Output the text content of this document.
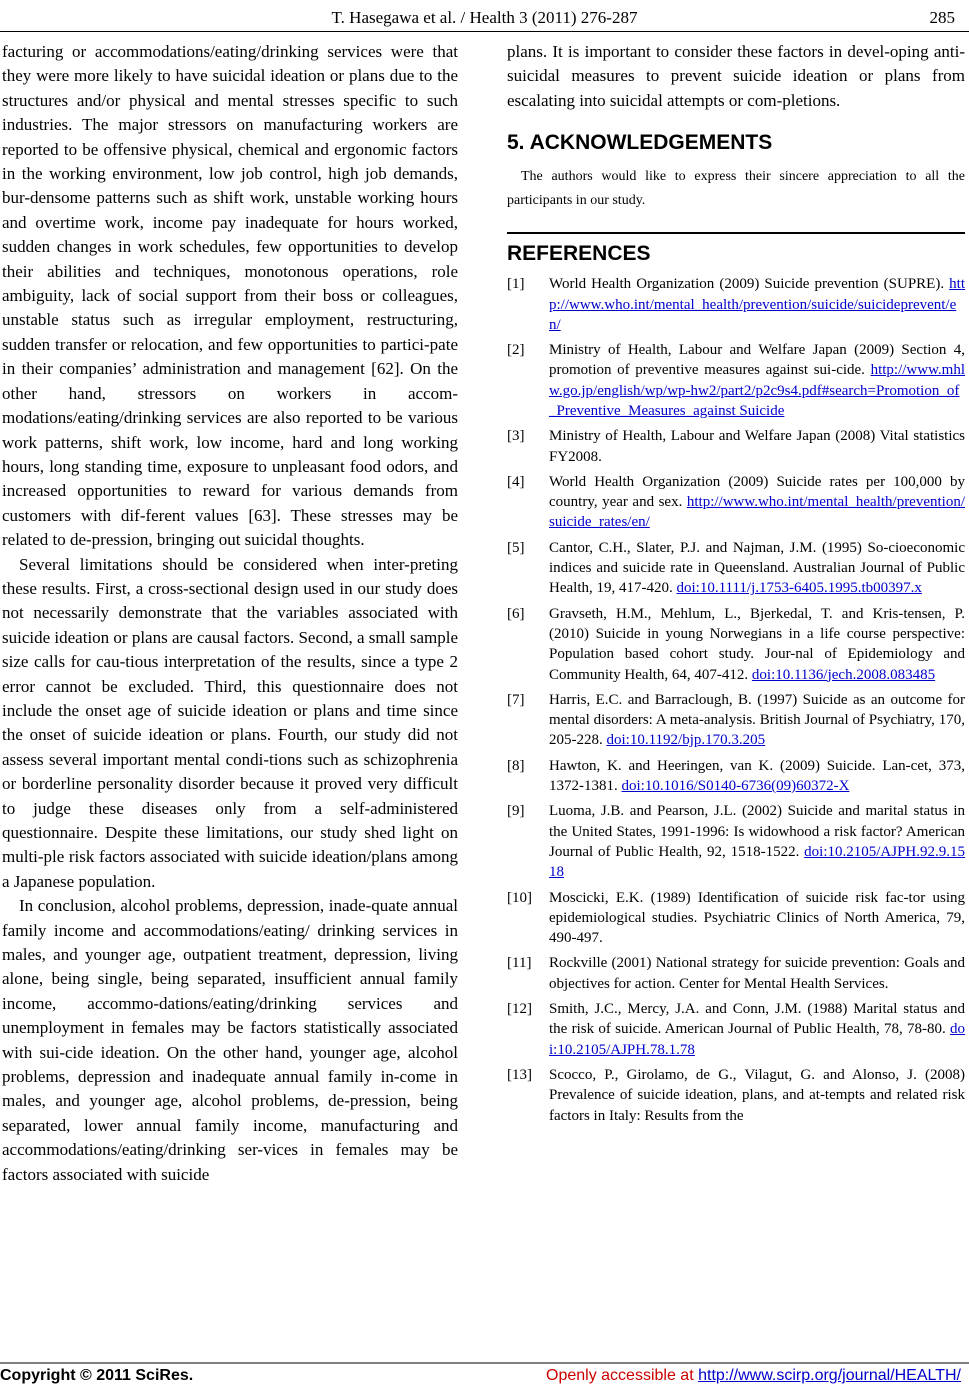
T. Hasegawa et al. / Health 3 (2011) 276-287	285

facturing or accommodations/eating/drinking services were that they were more likely to have suicidal ideation or plans due to the structures and/or physical and mental stresses specific to such industries. The major stressors on manufacturing workers are reported to be offensive physical, chemical and ergonomic factors in the working environment, low job control, high job demands, bur-densome patterns such as shift work, unstable working hours and overtime work, income pay inadequate for hours worked, sudden changes in work schedules, few opportunities to develop their abilities and techniques, monotonous operations, role ambiguity, lack of social support from their boss or colleagues, unstable status such as irregular employment, restructuring, sudden transfer or relocation, and few opportunities to partici-pate in their companies’ administration and management [62]. On the other hand, stressors on workers in accom-modations/eating/drinking services are also reported to be various work patterns, shift work, low income, hard and long working hours, long standing time, exposure to unpleasant food odors, and increased opportunities to reward for various demands from customers with dif-ferent values [63]. These stresses may be related to de-pression, bringing out suicidal thoughts.

Several limitations should be considered when inter-preting these results. First, a cross-sectional design used in our study does not necessarily demonstrate that the variables associated with suicide ideation or plans are causal factors. Second, a small sample size calls for cau-tious interpretation of the results, since a type 2 error cannot be excluded. Third, this questionnaire does not include the onset age of suicide ideation or plans and time since the onset of suicide ideation or plans. Fourth, our study did not assess several important mental condi-tions such as schizophrenia or borderline personality disorder because it proved very difficult to judge these diseases only from a self-administered questionnaire. Despite these limitations, our study shed light on multi-ple risk factors associated with suicide ideation/plans among a Japanese population.

In conclusion, alcohol problems, depression, inade-quate annual family income and accommodations/eating/ drinking services in males, and younger age, outpatient treatment, depression, living alone, being single, being separated, insufficient annual family income, accommo-dations/eating/drinking services and unemployment in females may be factors statistically associated with sui-cide ideation. On the other hand, younger age, alcohol problems, depression and inadequate annual family in-come in males, and younger age, alcohol problems, de-pression, being separated, lower annual family income, manufacturing and accommodations/eating/drinking ser-vices in females may be factors associated with suicide

plans. It is important to consider these factors in devel-oping anti-suicidal measures to prevent suicide ideation or plans from escalating into suicidal attempts or com-pletions.

5. ACKNOWLEDGEMENTS

The authors would like to express their sincere appreciation to all the participants in our study.

REFERENCES
[1]	World Health Organization (2009) Suicide prevention (SUPRE). http://www.who.int/mental_health/prevention/suicide/suicideprevent/en/
[2]	Ministry of Health, Labour and Welfare Japan (2009) Section 4, promotion of preventive measures against sui-cide. http://www.mhlw.go.jp/english/wp/wp-hw2/part2/p2c9s4.pdf#search=Promotion_of_Preventive_Measures_against Suicide
[3]	Ministry of Health, Labour and Welfare Japan (2008) Vital statistics FY2008.
[4]	World Health Organization (2009) Suicide rates per 100,000 by country, year and sex. http://www.who.int/mental_health/prevention/suicide_rates/en/
[5]	Cantor, C.H., Slater, P.J. and Najman, J.M. (1995) So-cioeconomic indices and suicide rate in Queensland. Australian Journal of Public Health, 19, 417-420. doi:10.1111/j.1753-6405.1995.tb00397.x
[6]	Gravseth, H.M., Mehlum, L., Bjerkedal, T. and Kris-tensen, P. (2010) Suicide in young Norwegians in a life course perspective: Population based cohort study. Jour-nal of Epidemiology and Community Health, 64, 407-412. doi:10.1136/jech.2008.083485
[7]	Harris, E.C. and Barraclough, B. (1997) Suicide as an outcome for mental disorders: A meta-analysis. British Journal of Psychiatry, 170, 205-228. doi:10.1192/bjp.170.3.205
[8]	Hawton, K. and Heeringen, van K. (2009) Suicide. Lan-cet, 373, 1372-1381. doi:10.1016/S0140-6736(09)60372-X
[9]	Luoma, J.B. and Pearson, J.L. (2002) Suicide and marital status in the United States, 1991-1996: Is widowhood a risk factor? American Journal of Public Health, 92, 1518-1522. doi:10.2105/AJPH.92.9.1518
[10]	Moscicki, E.K. (1989) Identification of suicide risk fac-tor using epidemiological studies. Psychiatric Clinics of North America, 79, 490-497.
[11]	Rockville (2001) National strategy for suicide prevention: Goals and objectives for action. Center for Mental Health Services.
[12]	Smith, J.C., Mercy, J.A. and Conn, J.M. (1988) Marital status and the risk of suicide. American Journal of Public Health, 78, 78-80. doi:10.2105/AJPH.78.1.78
[13]	Scocco, P., Girolamo, de G., Vilagut, G. and Alonso, J. (2008) Prevalence of suicide ideation, plans, and at-tempts and related risk factors in Italy: Results from the
Copyright © 2011 SciRes.	Openly accessible at http://www.scirp.org/journal/HEALTH/
